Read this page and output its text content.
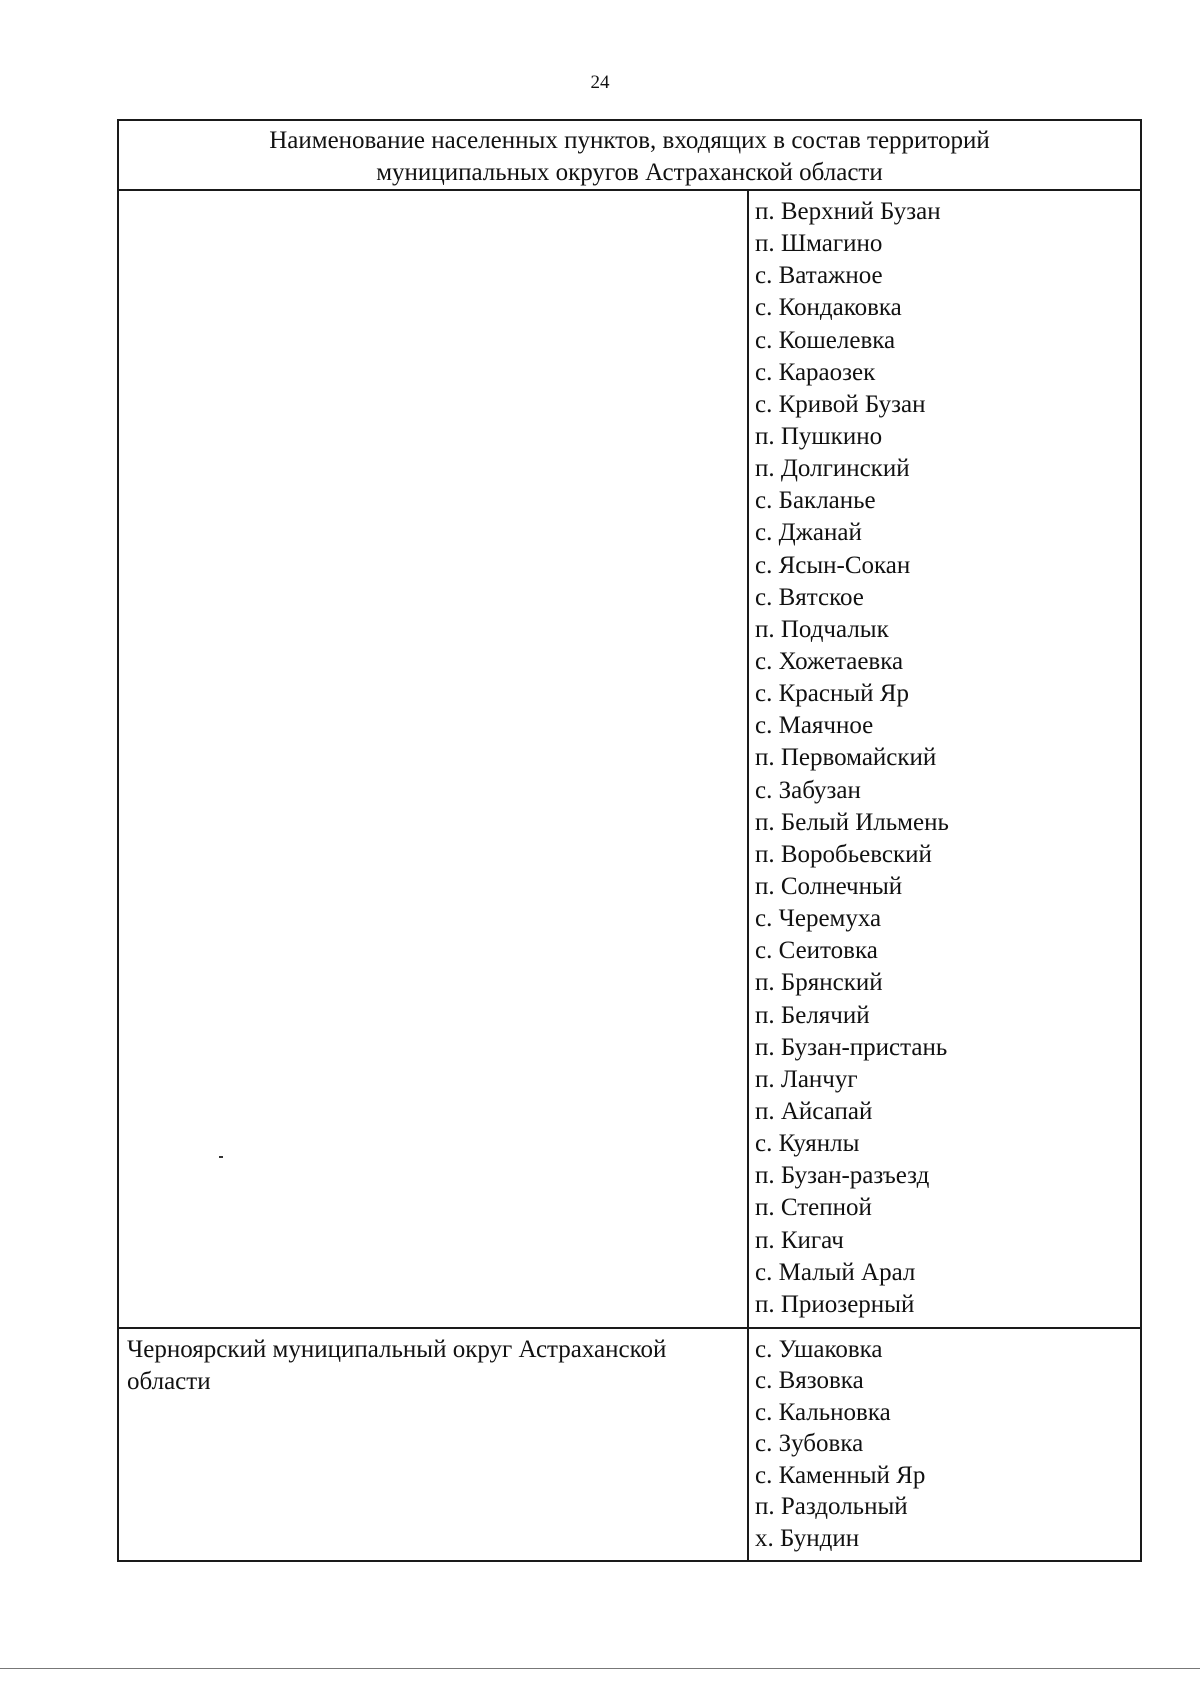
24
Наименование населенных пунктов, входящих в состав территорий
муниципальных округов Астраханской области
п. Верхний Бузан
п. Шмагино
с. Ватажное
с. Кондаковка
с. Кошелевка
с. Караозек
с. Кривой Бузан
п. Пушкино
п. Долгинский
с. Бакланье
с. Джанай
с. Ясын-Сокан
с. Вятское
п. Подчалык
с. Хожетаевка
с. Красный Яр
с. Маячное
п. Первомайский
с. Забузан
п. Белый Ильмень
п. Воробьевский
п. Солнечный
с. Черемуха
с. Сеитовка
п. Брянский
п. Белячий
п. Бузан-пристань
п. Ланчуг
п. Айсапай
с. Куянлы
п. Бузан-разъезд
п. Степной
п. Кигач
с. Малый Арал
п. Приозерный
Черноярский муниципальный округ Астраханской области
с. Ушаковка
с. Вязовка
с. Кальновка
с. Зубовка
с. Каменный Яр
п. Раздольный
х. Бундин
